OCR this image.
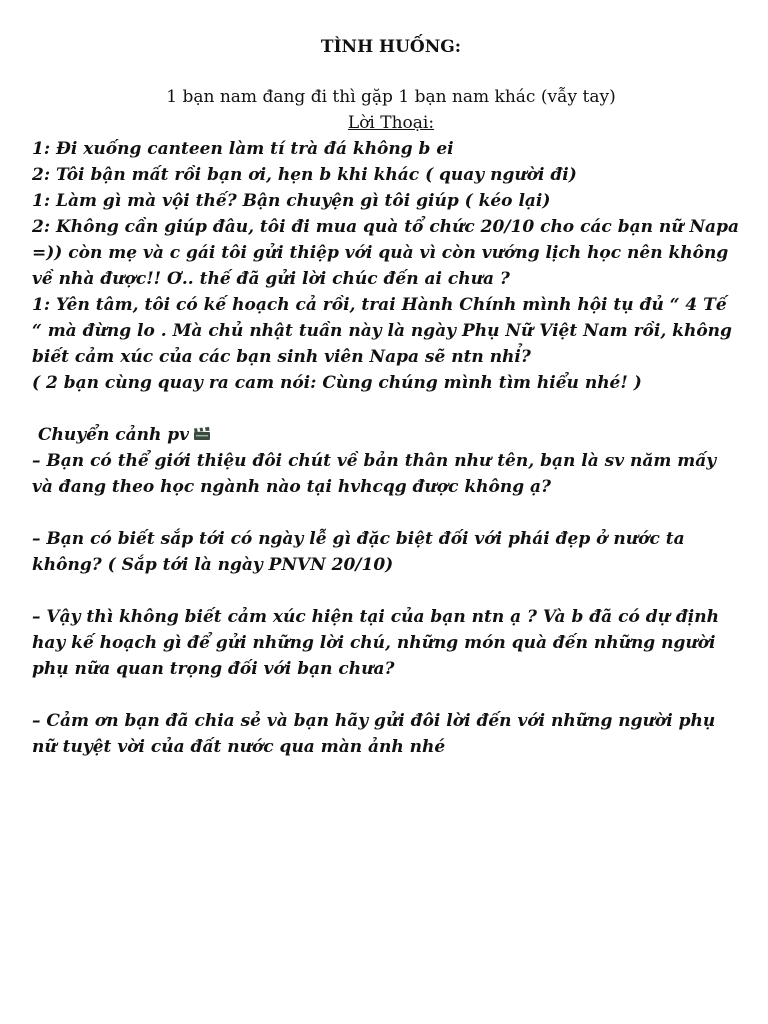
TÌNH HUỐNG:

1 bạn nam đang đi thì gặp 1 bạn nam khác (vẫy tay)

Lời Thoại:

1: Đi xuống canteen làm tí trà đá không b ei

2: Tôi bận mất rồi bạn ơi, hẹn b khi khác ( quay người đi)

1: Làm gì mà vội thế? Bận chuyện gì tôi giúp ( kéo lại)

2: Không cần giúp đâu, tôi đi mua quà tổ chức 20/10 cho các bạn nữ Napa =)) còn mẹ và c gái tôi gửi thiệp với quà vì còn vướng lịch học nên không về nhà được!! Ơ.. thế đã gửi lời chúc đến ai chưa ?

1: Yên tâm, tôi có kế hoạch cả rồi, trai Hành Chính mình hội tụ đủ “ 4 Tế “ mà đừng lo . Mà chủ nhật tuần này là ngày Phụ Nữ Việt Nam rồi, không biết cảm xúc của các bạn sinh viên Napa sẽ ntn nhỉ?

( 2 bạn cùng quay ra cam nói: Cùng chúng mình tìm hiểu nhé! )

Chuyển cảnh pv

– Bạn có thể giới thiệu đôi chút về bản thân như tên, bạn là sv năm mấy và đang theo học ngành nào tại hvhcqg được không ạ?

– Bạn có biết sắp tới có ngày lễ gì đặc biệt đối với phái đẹp ở nước ta không? ( Sắp tới là ngày PNVN 20/10)

– Vậy thì không biết cảm xúc hiện tại của bạn ntn ạ ? Và b đã có dự định hay kế hoạch gì để gửi những lời chú, những món quà đến những người phụ nữa quan trọng đối với bạn chưa?

– Cảm ơn bạn đã chia sẻ và bạn hãy gửi đôi lời đến với những người phụ nữ tuyệt vời của đất nước qua màn ảnh nhé
